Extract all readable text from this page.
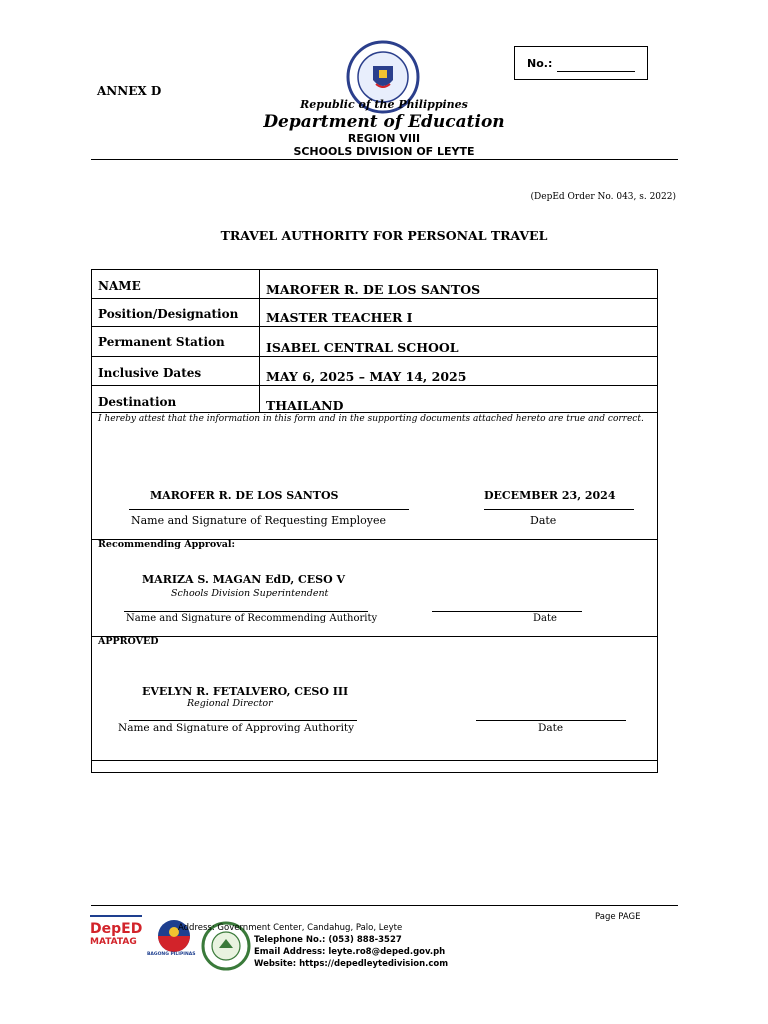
No.:
ANNEX D
Republic of the Philippines
Department of Education
REGION VIII
SCHOOLS DIVISION OF LEYTE
(DepEd Order No. 043, s. 2022)
TRAVEL AUTHORITY FOR PERSONAL TRAVEL
NAME	MAROFER R. DE LOS SANTOS
Position/Designation MASTER TEACHER I
Permanent Station	ISABEL CENTRAL SCHOOL
Inclusive Dates	MAY 6, 2025 – MAY 14, 2025
Destination	THAILAND
I hereby attest that the information in this form and in the supporting documents attached hereto are true and correct.
MAROFER R. DE LOS SANTOS	DECEMBER 23, 2024
Name and Signature of Requesting Employee	Date
Recommending Approval:
MARIZA S. MAGAN EdD, CESO V
Schools Division Superintendent
Name and Signature of Recommending Authority	Date
APPROVED
EVELYN R. FETALVERO, CESO III
Regional Director
Name and Signature of Approving Authority	Date
DepED
MATATAG
BAGONG PILIPINAS
Address: Government Center, Candahug, Palo, Leyte
Telephone No.: (053) 888-3527
Email Address: leyte.ro8@deped.gov.ph
Website: https://depedleytedivision.com
Page PAGE
